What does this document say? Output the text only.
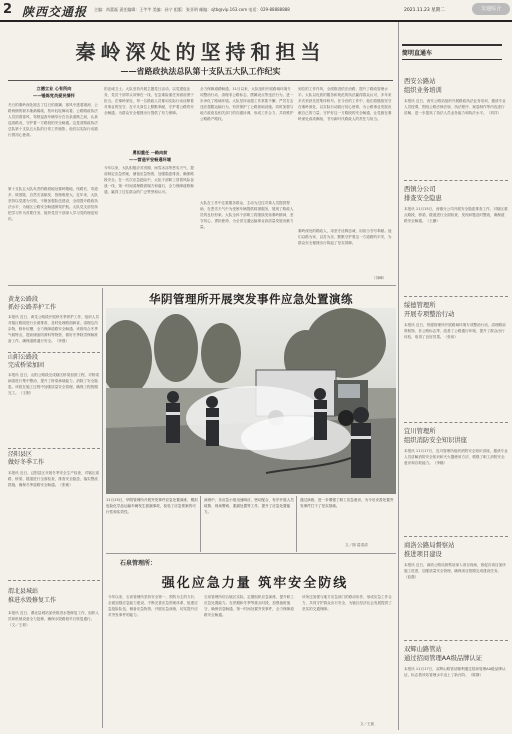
2 陕西交通报 主编：尚蕾磊 责任编辑：王芊芊 美编：孙宁 组版：张亚明 邮编：sjtb@vip.163.com 电话：029-88888888	2021.11.23 星期二	交通综合
秦岭深处的坚持和担当
——省路政执法总队第十支队五大队工作纪实
立德立业 心有所向
——锤炼党员爱民情怀
冬日的秦岭深处褪去了往日的斑斓，寒风中透着凛冽，公路两侧的树木渐渐稀疏，枝叶轻轻舞动着。公路路政执法人员顶着寒风，驾驶巡查车辆穿行在各条道路之间，认真巡查路况，守护着一方路段的安全畅通。这是省路政执法总队第十支队五大队的日常工作缩影，他们以实际行动践行着初心使命。
第十支队五大队负责的路段地处秦岭腹地，线路长、弯道多、坡度陡、自然灾害频发，管理难度大。近年来，大队坚持以党建为引领，不断加强队伍建设，全面提升路政执法水平，为辖区公路安全畅通保驾护航。大队党支部坚持把学习作为首要任务，组织党员干部深入学习党的理论知识。
的忠诚卫士。大队坚持开展主题党日活动，以党建促业务，党员干部带头冲锋在一线，在急难险重任务面前勇于担当。在秦岭深处，每一名路政人员都用实际行动诠释着对事业的坚守，在平凡岗位上默默奉献，守护着公路的安全畅通，为群众安全便捷出行提供了有力保障。
勇担重任 一路向前
——营造平安畅通环境
今年以来，大队积极应对汛期、雨雪冰冻等恶劣天气，提前制定应急预案，储备应急物资，加强隐患排查，确保路段安全。在一次次应急抢险中，大队干部职工冒着风险奋战一线，第一时间清理路面塌方和落石，全力保障道路畅通，赢得了过往群众的广泛赞誉和认可。
全力保障道路畅通，11月以来，大队组织开展路域环境专项整治行动，清理非公路标志、摆摊设点等违法行为，进一步净化了路域环境。大队坚持治超工作常抓不懈，严厉打击违法超限运输行为，有效保护了公路基础设施。同时加强与地方政府及相关部门的沟通协调，形成工作合力，共同维护公路路产路权。
大队在工作中注重服务群众，主动为过往司乘人员提供帮助，在恶劣天气中为受困车辆提供救援服务，展现了路政人员的良好形象。大队全体干部职工将继续发扬秦岭精神，坚守初心，勇担使命，为全省交通运输事业高质量发展贡献力量。
到位的工作作风，全面推进依法治路，提升了路政管理水平。大队以优质的服务和规范的执法赢得群众认可，多年来多次荣获先进集体称号。在今后的工作中，他们将继续坚守在秦岭深处，以实际行动践行初心使命，为公路事业发展贡献自己的力量，守护好这一方路段的安全畅通，让党旗在秦岭深处高高飘扬，书写新时代路政人的责任与担当。
秦岭深处的路政人，用坚守诠释忠诚，用担当书写奉献。他们以路为家，以苦为乐，默默守护着这一方道路的平安，为群众安全便捷出行筑起了坚实屏障。
（刘峰）
黄龙公路段
抓好公路养护工作
本报讯 近日，黄龙公路段开展秋冬季养护工作，组织人员对辖区路段进行全面排查，及时处理路面病害，清理边沟杂物，修补坑槽，全力保障道路安全畅通。该段结合冬季气候特点，提前储备防滑料等物资，做好冬季除雪保畅准备工作，确保道路通行安全。（李强）
山阳公路段
完成桥梁加固
本报讯 近日，山阳公路段完成辖区桥梁加固工程，对桥梁病害进行集中整治，提升了桥梁承载能力，消除了安全隐患。该段在施工过程中加强质量安全管理，确保工程按期完工。（王刚）
泾阳县区
做好冬季工作
本报讯 近日，泾阳县区开展冬季安全生产检查，对辖区道路、桥梁、隧道进行全面检查，排查安全隐患，落实整改措施，确保冬季道路安全畅通。（张敏）
渭北县城站
推进水毁修复工作
本报讯 近日，渭北县城站加快推进水毁修复工作，组织人员和机械设备全力抢修，确保水毁路段早日恢复通行。（文／王莉）
华阴管理所开展突发事件应急处置演练
11月15日，华阴管理所开展突发事件应急处置演练，模拟危险化学品运输车辆发生泄漏事故，检验了应急预案的可行性和实效性。
演练中，各应急小组迅速响应，密切配合，有序开展人员疏散、现场警戒、泄漏处置等工作，提升了应急处置能力。
通过演练，进一步增强了职工应急意识，为今后妥善处置突发事件打下了坚实基础。
文／图 葛清清
石泉管理所：
强化应急力量 筑牢安全防线
今年以来，石泉管理所坚持安全第一、预防为主的方针，全面加强应急能力建设，不断完善应急预案体系，组建应急抢险队伍，储备应急物资，开展应急演练，切实提升应对突发事件的能力。
石泉管理所结合辖区实际，定期组织应急演练，提升职工应急处置能力。在汛期和冬季等重点时段，加强值班值守，确保信息畅通，第一时间处置突发事件，全力保障道路安全畅通。
该所还加强与地方应急部门的联动协作，形成应急工作合力，共同守护群众出行安全，为辖区经济社会发展提供了坚实的交通保障。
文／王凯
简明直通车
西安公路站
组织业务培训
本报讯 近日，西安公路站组织开展路政执法业务培训，邀请专业人员授课，围绕公路法律法规、执法程序、案卷制作等内容进行讲解，进一步提高了执法人员业务能力和执法水平。（刘洋）
西镇分公司
排查安全隐患
本报讯 11月15日，西镇分公司开展安全隐患排查工作，对辖区重点路段、桥梁、隧道进行全面检查，发现问题及时整改，确保道路安全畅通。（王鹏）
绥德管理所
开展专项整治行动
本报讯 近日，绥德管理所开展路域环境专项整治行动，清理路肩堆积物、非公路标志等，改善了公路通行环境，提升了群众出行体验，取得了良好效果。（张伟）
宜川管理所
组织消防安全知识讲座
本报讯 11月17日，宜川管理所组织消防安全知识讲座，邀请专业人员讲解消防安全知识和灭火器使用方法，增强了职工消防安全意识和自救能力。（李娜）
商洛公路局督察站
推进项目建设
本报讯 近日，商洛公路局督察站深入项目现场，督促各项目加快施工进度，加强质量安全管理，确保项目按期完成建设任务。（赵磊）
双辉山路管站
通过招商管理AA级品牌认证
本报讯 11月17日，双辉山路管站顺利通过招商管理AA级品牌认证，标志着该站管理水平迈上了新台阶。（陈静）
